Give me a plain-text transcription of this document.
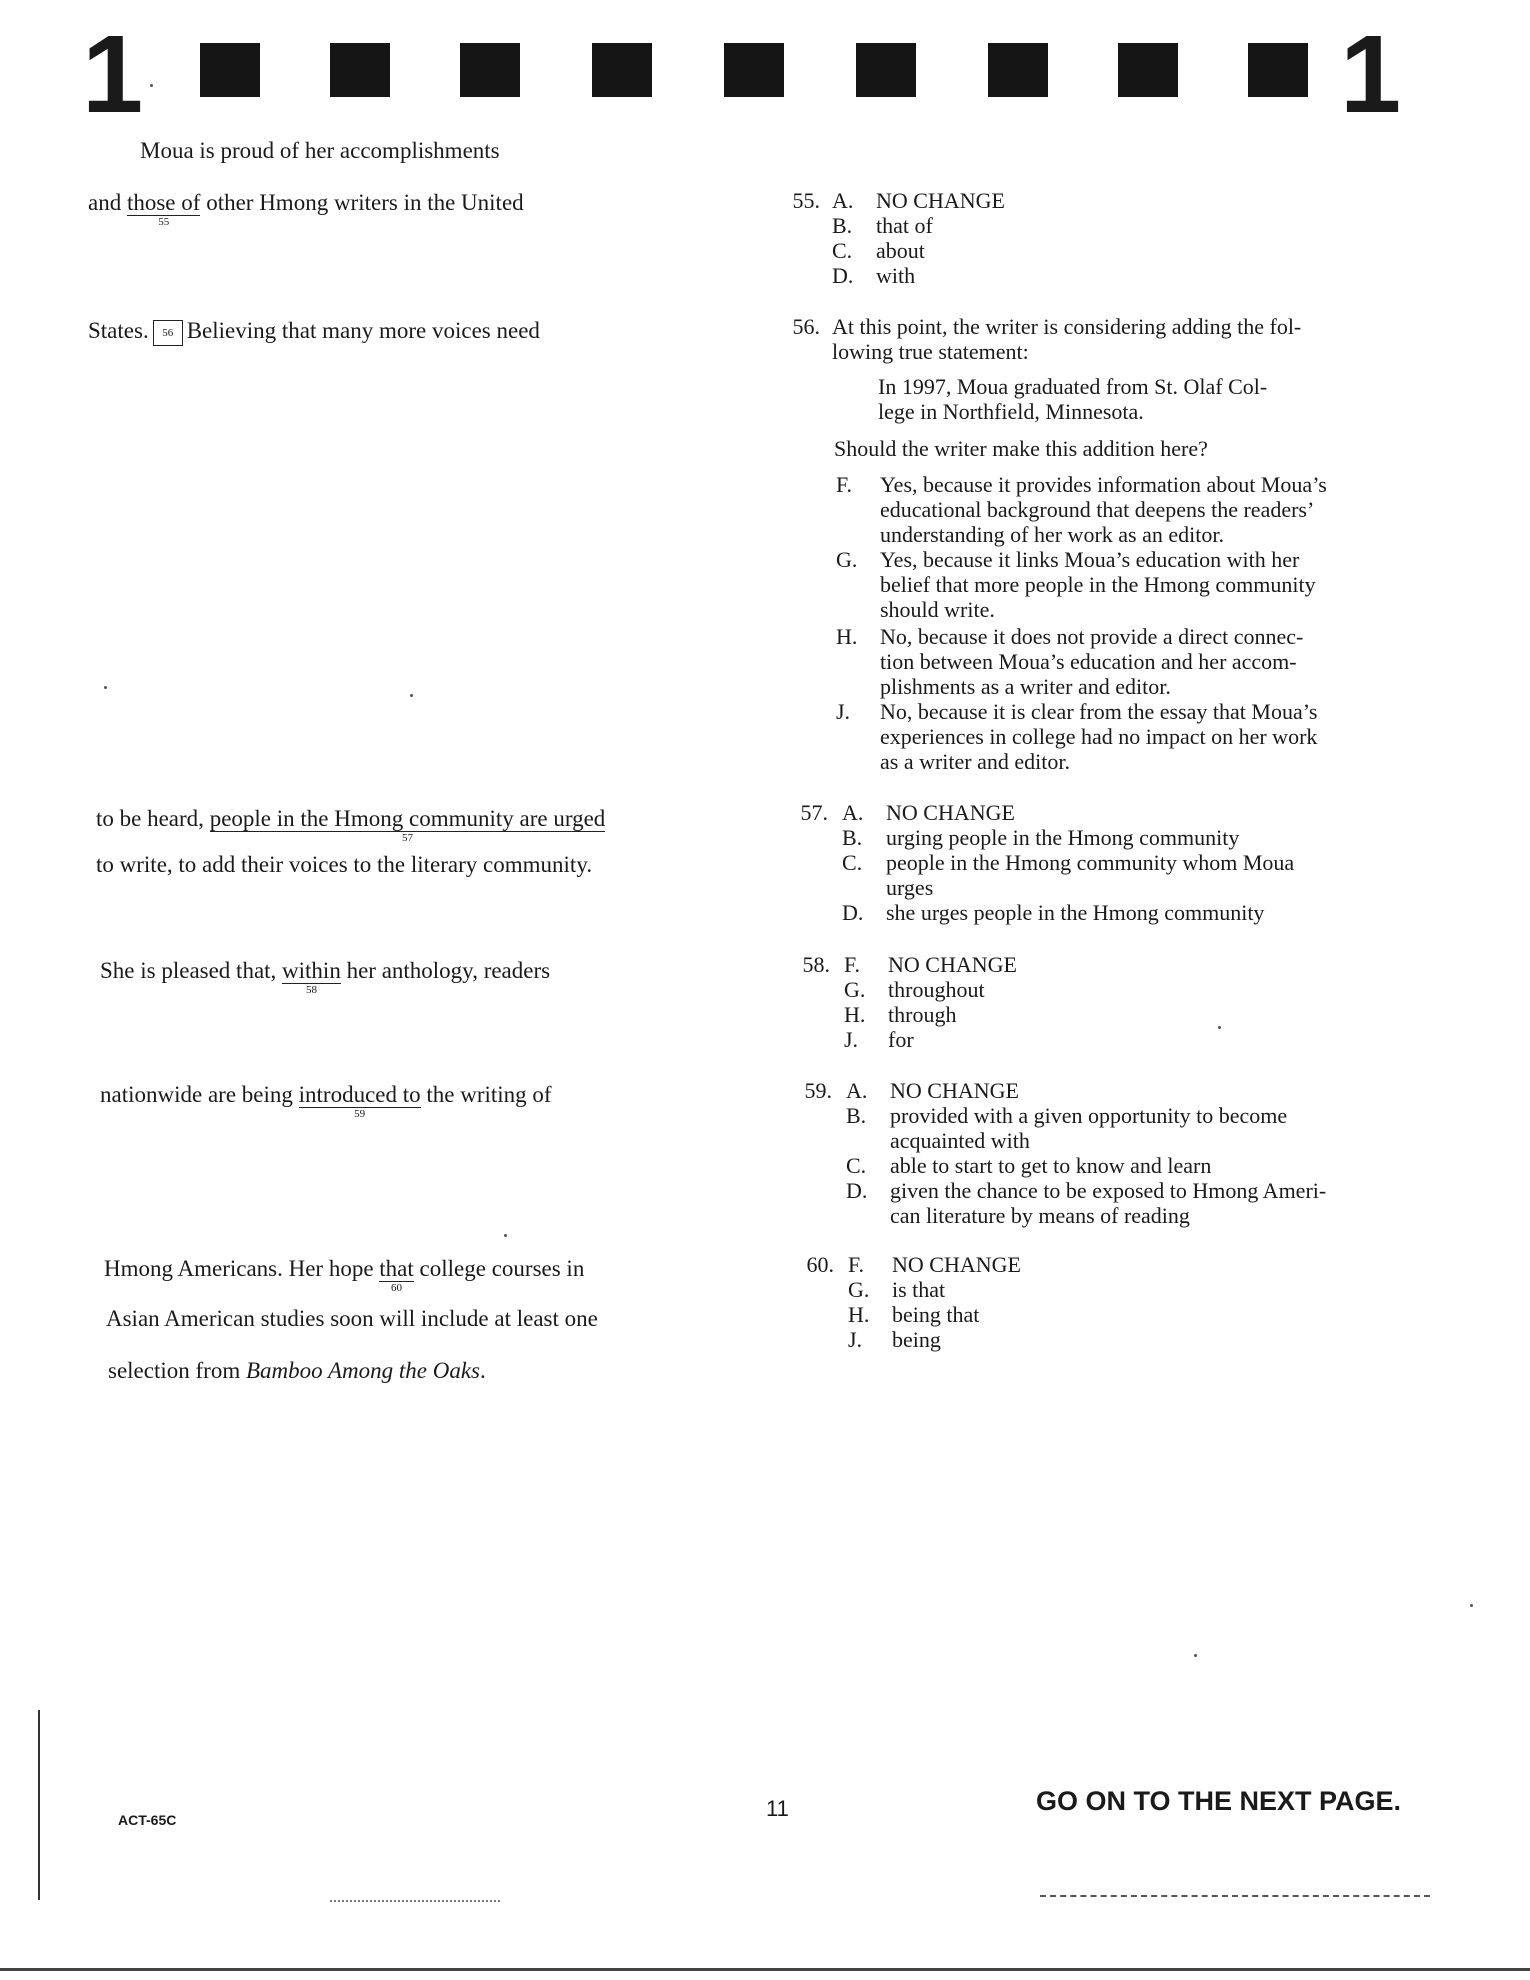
1	1
Moua is proud of her accomplishments
and those of
55
other Hmong writers in the United
States. 56 Believing that many more voices need
to be heard, people in the Hmong community are urged
57
to write, to add their voices to the literary community.
She is pleased that, within
58
her anthology, readers
nationwide are being introduced to
59
the writing of
Hmong Americans. Her hope that
60
college courses in
Asian American studies soon will include at least one
selection from Bamboo Among the Oaks.
55. A. NO CHANGE
B. that of
C. about
D. with
56. At this point, the writer is considering adding the fol-
lowing true statement:
In 1997, Moua graduated from St. Olaf Col-
lege in Northfield, Minnesota.
Should the writer make this addition here?
F.	Yes, because it provides information about Moua’s
educational background that deepens the readers’
understanding of her work as an editor.
G. Yes, because it links Moua’s education with her
belief that more people in the Hmong community
should write.
H. No, because it does not provide a direct connec-
tion between Moua’s education and her accom-
plishments as a writer and editor.
J.	No, because it is clear from the essay that Moua’s
experiences in college had no impact on her work
as a writer and editor.
57. A. NO CHANGE
B. urging people in the Hmong community
C. people in the Hmong community whom Moua
urges
D. she urges people in the Hmong community
58. F.	NO CHANGE
G. throughout
H. through
J.	for
59. A. NO CHANGE
B. provided with a given opportunity to become
acquainted with
C. able to start to get to know and learn
D. given the chance to be exposed to Hmong Ameri-
can literature by means of reading
60. F.	NO CHANGE
G. is that
H. being that
J.	being
ACT-65C	11	GO ON TO THE NEXT PAGE.
